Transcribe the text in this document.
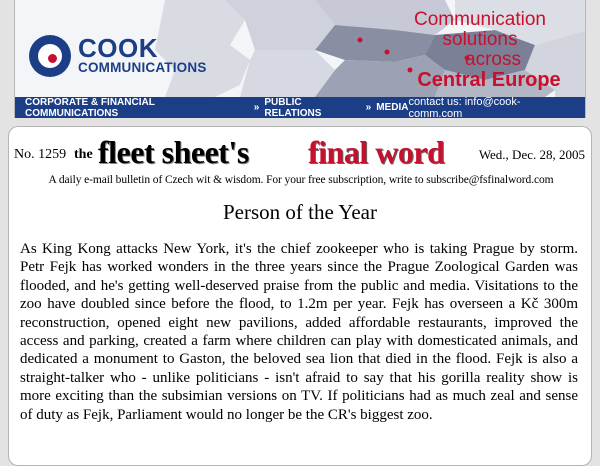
COOK
COMMUNICATIONS
Communication
solutions
across
Central Europe
CORPORATE & FINANCIAL COMMUNICATIONS	» PUBLIC RELATIONS	» MEDIA contact us: info@cook-comm.com
No. 1259 the fleet sheet's final word	Wed., Dec. 28, 2005
A daily e-mail bulletin of Czech wit & wisdom. For your free subscription, write to subscribe@fsfinalword.com
Person of the Year

As King Kong attacks New York, it's the chief zookeeper who is taking Prague by storm. Petr Fejk has worked wonders in the three years since the Prague Zoological Garden was flooded, and he's getting well-deserved praise from the public and media. Visitations to the zoo have doubled since before the flood, to 1.2m per year. Fejk has overseen a Kč 300m reconstruction, opened eight new pavilions, added affordable restaurants, improved the access and parking, created a farm where children can play with domesticated animals, and dedicated a monument to Gaston, the beloved sea lion that died in the flood. Fejk is also a straight-talker who - unlike politicians - isn't afraid to say that his gorilla reality show is more exciting than the subsimian versions on TV. If politicians had as much zeal and sense of duty as Fejk, Parliament would no longer be the CR's biggest zoo.
